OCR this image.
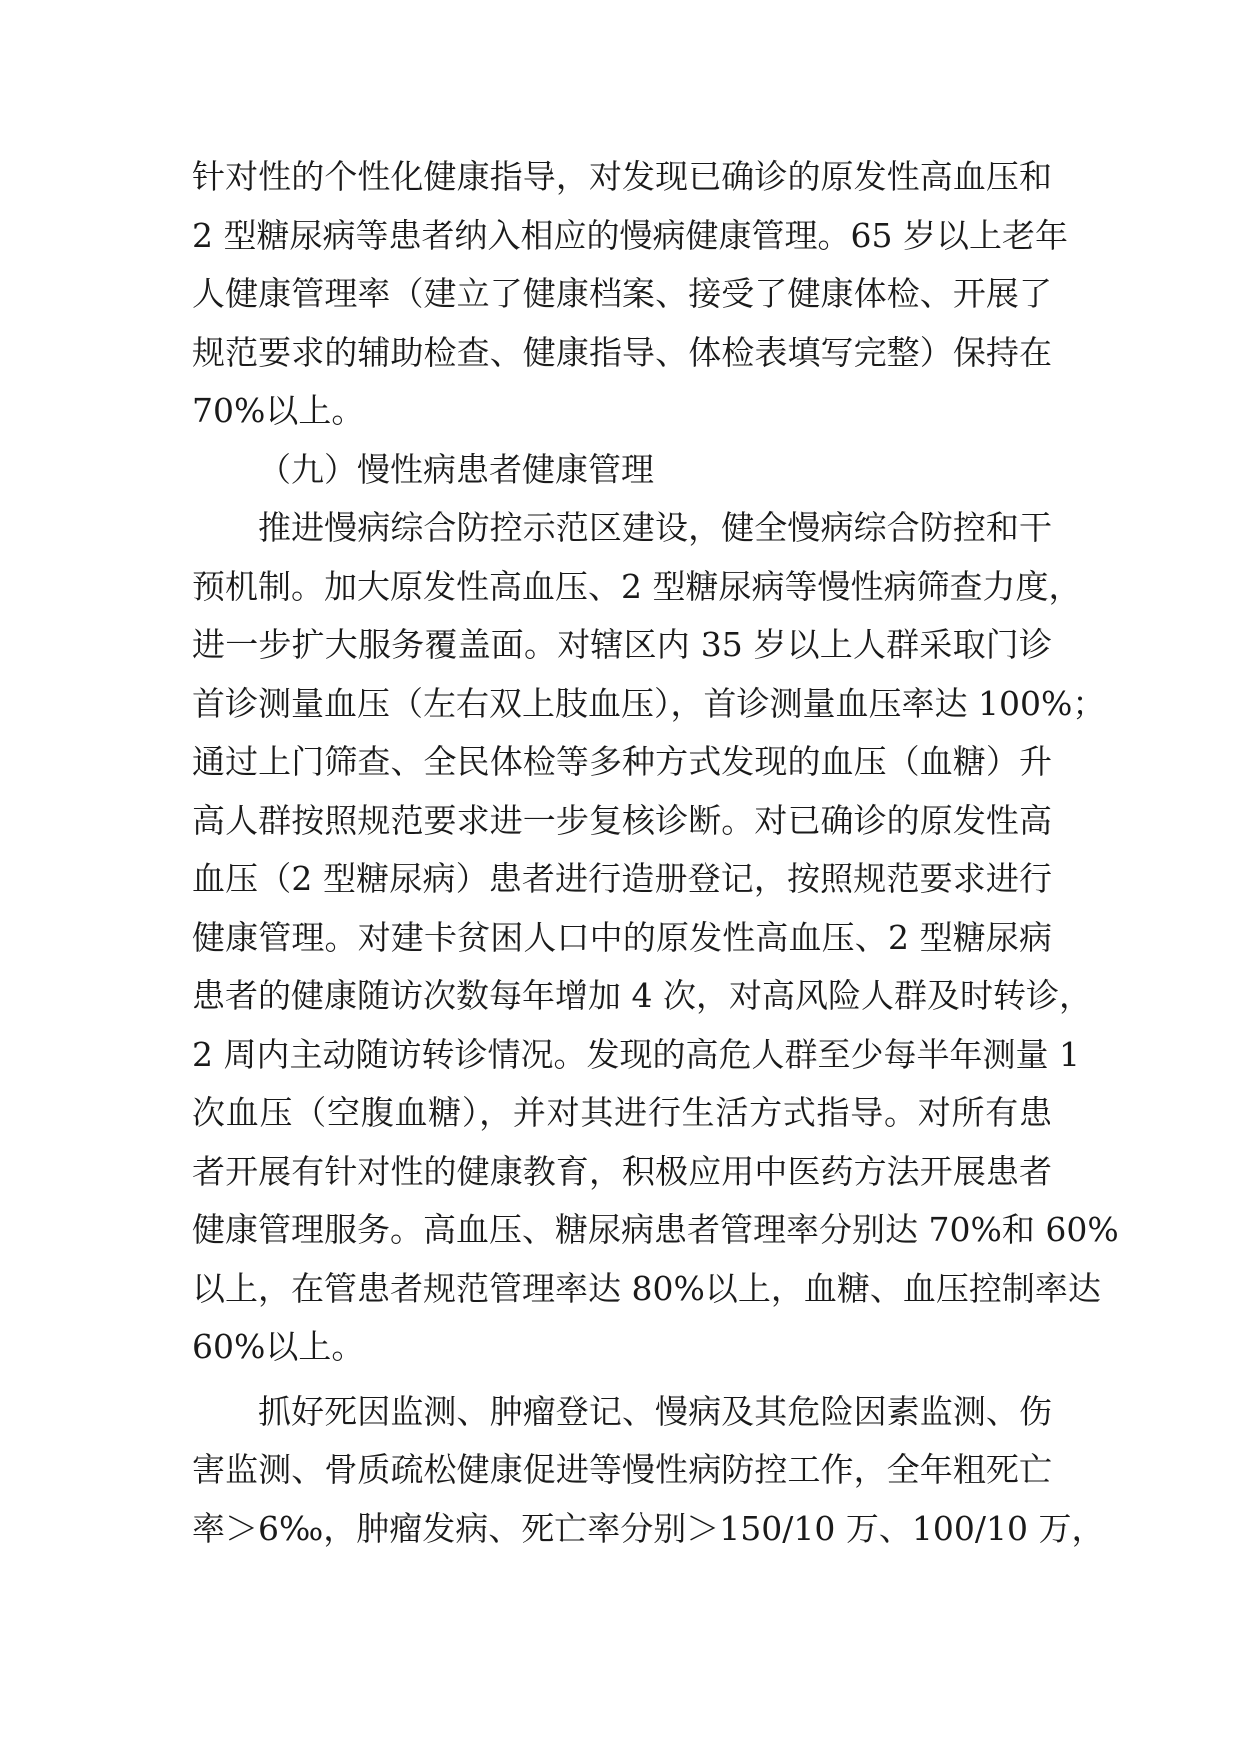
针对性的个性化健康指导，对发现已确诊的原发性高血压和
2 型糖尿病等患者纳入相应的慢病健康管理。65 岁以上老年
人健康管理率（建立了健康档案、接受了健康体检、开展了
规范要求的辅助检查、健康指导、体检表填写完整）保持在
70%以上。
（九）慢性病患者健康管理
推进慢病综合防控示范区建设，健全慢病综合防控和干
预机制。加大原发性高血压、2 型糖尿病等慢性病筛查力度，
进一步扩大服务覆盖面。对辖区内 35 岁以上人群采取门诊
首诊测量血压（左右双上肢血压），首诊测量血压率达 100%；
通过上门筛查、全民体检等多种方式发现的血压（血糖）升
高人群按照规范要求进一步复核诊断。对已确诊的原发性高
血压（2 型糖尿病）患者进行造册登记，按照规范要求进行
健康管理。对建卡贫困人口中的原发性高血压、2 型糖尿病
患者的健康随访次数每年增加 4 次，对高风险人群及时转诊，
2 周内主动随访转诊情况。发现的高危人群至少每半年测量 1
次血压（空腹血糖），并对其进行生活方式指导。对所有患
者开展有针对性的健康教育，积极应用中医药方法开展患者
健康管理服务。高血压、糖尿病患者管理率分别达 70%和 60%
以上，在管患者规范管理率达 80%以上，血糖、血压控制率达
60%以上。
抓好死因监测、肿瘤登记、慢病及其危险因素监测、伤
害监测、骨质疏松健康促进等慢性病防控工作，全年粗死亡
率＞6‰，肿瘤发病、死亡率分别＞150/10 万、100/10 万，
